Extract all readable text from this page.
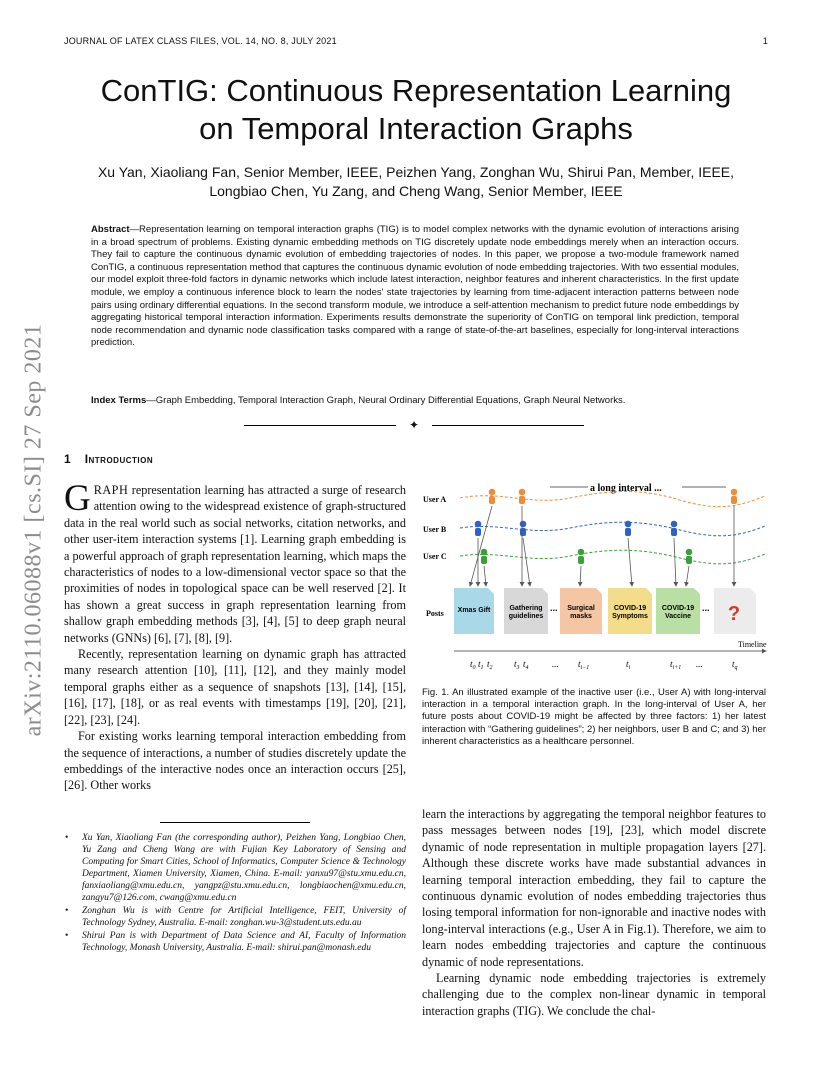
JOURNAL OF LATEX CLASS FILES, VOL. 14, NO. 8, JULY 2021	1
arXiv:2110.06088v1 [cs.SI] 27 Sep 2021
ConTIG: Continuous Representation Learning
on Temporal Interaction Graphs
Xu Yan, Xiaoliang Fan, Senior Member, IEEE, Peizhen Yang, Zonghan Wu, Shirui Pan, Member, IEEE,
Longbiao Chen, Yu Zang, and Cheng Wang, Senior Member, IEEE
Abstract—Representation learning on temporal interaction graphs (TIG) is to model complex networks with the dynamic evolution of interactions arising in a broad spectrum of problems. Existing dynamic embedding methods on TIG discretely update node embeddings merely when an interaction occurs. They fail to capture the continuous dynamic evolution of embedding trajectories of nodes. In this paper, we propose a two-module framework named ConTIG, a continuous representation method that captures the continuous dynamic evolution of node embedding trajectories. With two essential modules, our model exploit three-fold factors in dynamic networks which include latest interaction, neighbor features and inherent characteristics. In the first update module, we employ a continuous inference block to learn the nodes' state trajectories by learning from time-adjacent interaction patterns between node pairs using ordinary differential equations. In the second transform module, we introduce a self-attention mechanism to predict future node embeddings by aggregating historical temporal interaction information. Experiments results demonstrate the superiority of ConTIG on temporal link prediction, temporal node recommendation and dynamic node classification tasks compared with a range of state-of-the-art baselines, especially for long-interval interactions prediction.
Index Terms—Graph Embedding, Temporal Interaction Graph, Neural Ordinary Differential Equations, Graph Neural Networks.
✦
1 Introduction

GRAPH representation learning has attracted a surge of research attention owing to the widespread existence of graph-structured data in the real world such as social networks, citation networks, and other user-item interaction systems [1]. Learning graph embedding is a powerful approach of graph representation learning, which maps the characteristics of nodes to a low-dimensional vector space so that the proximities of nodes in topological space can be well reserved [2]. It has shown a great success in graph representation learning from shallow graph embedding methods [3], [4], [5] to deep graph neural networks (GNNs) [6], [7], [8], [9].

Recently, representation learning on dynamic graph has attracted many research attention [10], [11], [12], and they mainly model temporal graphs either as a sequence of snapshots [13], [14], [15], [16], [17], [18], or as real events with timestamps [19], [20], [21], [22], [23], [24].

For existing works learning temporal interaction embedding from the sequence of interactions, a number of studies discretely update the embeddings of the interactive nodes once an interaction occurs [25], [26]. Other works

• Xu Yan, Xiaoliang Fan (the corresponding author), Peizhen Yang, Longbiao Chen, Yu Zang and Cheng Wang are with Fujian Key Laboratory of Sensing and Computing for Smart Cities, School of Informatics, Computer Science & Technology Department, Xiamen University, Xiamen, China. E-mail: yanxu97@stu.xmu.edu.cn, fanxiaoliang@xmu.edu.cn, yangpz@stu.xmu.edu.cn, longbiaochen@xmu.edu.cn, zangyu7@126.com, cwang@xmu.edu.cn
• Zonghan Wu is with Centre for Artificial Intelligence, FEIT, University of Technology Sydney, Australia. E-mail: zonghan.wu-3@student.uts.edu.au
• Shirui Pan is with Department of Data Science and AI, Faculty of Information Technology, Monash University, Australia. E-mail: shirui.pan@monash.edu
a long interval ...
User A
User B
User C
Posts Xmas Gift	Gathering
guidelines
... Surgical
masks
COVID-19
Symptoms
COVID-19
Vaccine
... ?
Timeline
$t_0$ $t_1$ $t_2$ $t_3$ $t_4$	... $t_{i-1}$	$t_i$	$t_{i+1}$ ...	$t_q$
Fig. 1. An illustrated example of the inactive user (i.e., User A) with long-interval interaction in a temporal interaction graph. In the long-interval of User A, her future posts about COVID-19 might be affected by three factors: 1) her latest interaction with “Gathering guidelines”; 2) her neighbors, user B and C; and 3) her inherent characteristics as a healthcare personnel.

learn the interactions by aggregating the temporal neighbor features to pass messages between nodes [19], [23], which model discrete dynamic of node representation in multiple propagation layers [27]. Although these discrete works have made substantial advances in learning temporal interaction embedding, they fail to capture the continuous dynamic evolution of nodes embedding trajectories thus losing temporal information for non-ignorable and inactive nodes with long-interval interactions (e.g., User A in Fig.1). Therefore, we aim to learn nodes embedding trajectories and capture the continuous dynamic of node representations.

Learning dynamic node embedding trajectories is extremely challenging due to the complex non-linear dynamic in temporal interaction graphs (TIG). We conclude the chal-
